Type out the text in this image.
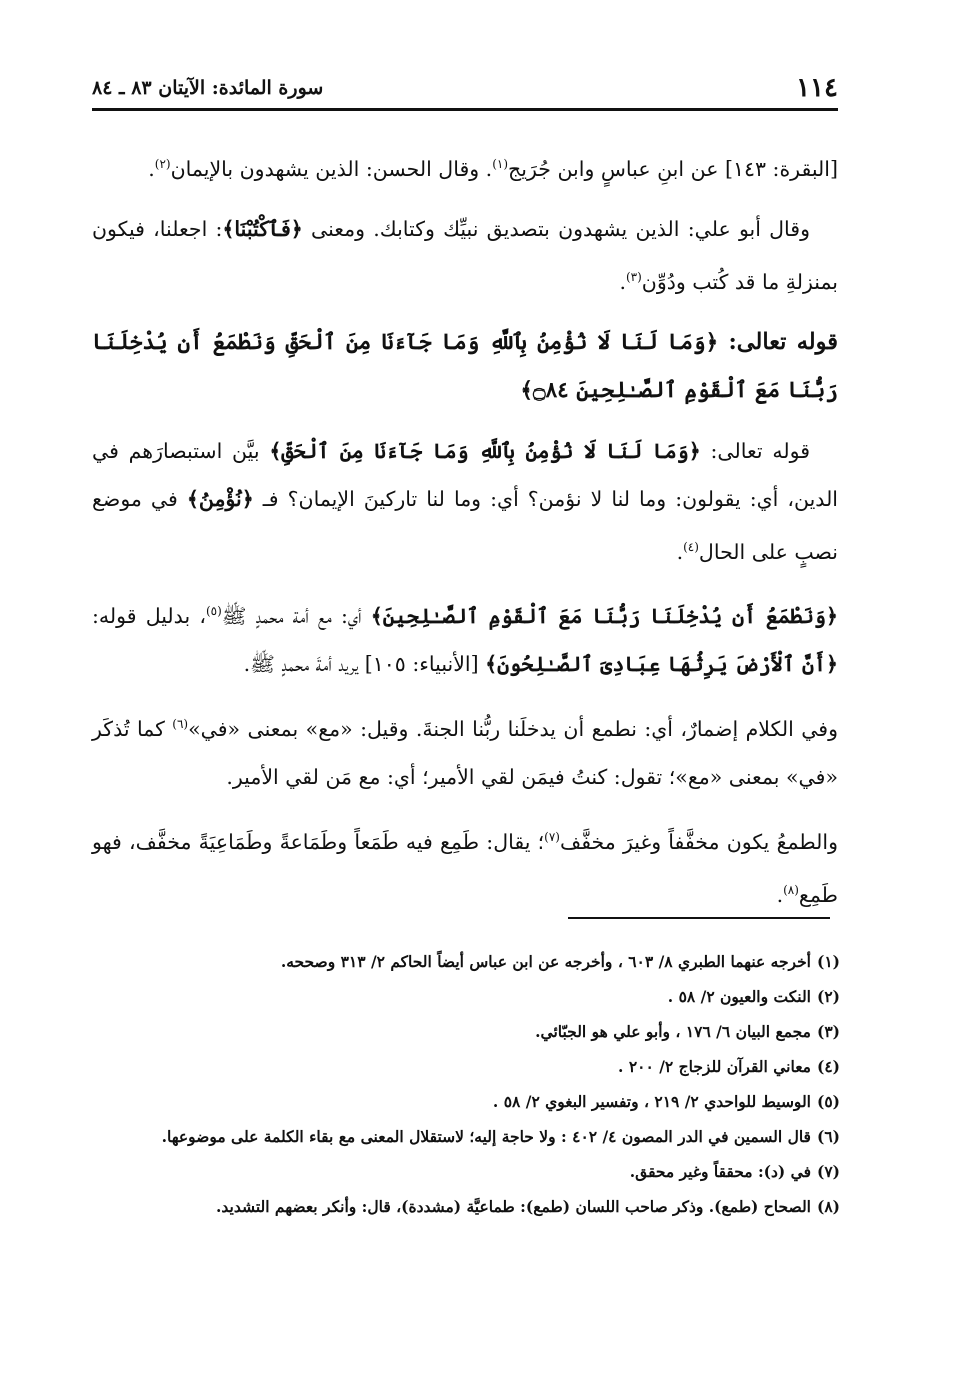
١١٤
سورة المائدة: الآيتان ٨٣ ـ ٨٤

[البقرة: ١٤٣] عن ابنِ عباسٍ وابن جُرَيج$^{(١)}$. وقال الحسن: الذين يشهدون بالإيمان$^{(٢)}$.

وقال أبو علي: الذين يشهدون بتصديق نبيِّك وكتابك. ومعنى ﴿فَٱكْتُبْنَا﴾: اجعلنا، فيكون بمنزلةِ ما قد كُتب ودُوِّن$^{(٣)}$.

قوله تعالى: ﴿وَمَا لَنَا لَا نُؤْمِنُ بِٱللَّهِ وَمَا جَآءَنَا مِنَ ٱلْحَقِّ وَنَطْمَعُ أَن يُدْخِلَنَا رَبُّنَا مَعَ ٱلْقَوْمِ ٱلصَّـٰلِحِينَ ۝٨٤﴾

قوله تعالى: ﴿وَمَا لَنَا لَا نُؤْمِنُ بِٱللَّهِ وَمَا جَآءَنَا مِنَ ٱلْحَقِّ﴾ بيَّن استبصارَهم في الدين، أي: يقولون: وما لنا لا نؤمن؟ أي: وما لنا تاركينَ الإيمان؟ فـ ﴿نُؤْمِنُ﴾ في موضع نصبٍ على الحال$^{(٤)}$.

﴿وَنَطْمَعُ أَن يُدْخِلَنَا رَبُّنَا مَعَ ٱلْقَوْمِ ٱلصَّـٰلِحِينَ﴾ أي: مع أمة محمدٍ ﷺ$^{(٥)}$، بدليل قوله: ﴿أَنَّ ٱلْأَرْضَ يَرِثُهَا عِبَادِىَ ٱلصَّـٰلِحُونَ﴾ [الأنبياء: ١٠٥] يريد أمةَ محمدٍ ﷺ.

وفي الكلام إضمارٌ، أي: نطمع أن يدخلَنا ربُّنا الجنةَ. وقيل: «مع» بمعنى «في»$^{(٦)}$ كما تُذكَر «في» بمعنى «مع»؛ تقول: كنتُ فيمَن لقي الأمير؛ أي: مع مَن لقي الأمير.

والطمعُ يكون مخفَّفاً وغيرَ مخفَّف$^{(٧)}$؛ يقال: طَمِع فيه طَمَعاً وطَمَاعةً وطَمَاعِيَةً مخفَّف، فهو طَمِع$^{(٨)}$.

(١)أخرجه عنهما الطبري ٨/ ٦٠٣ ، وأخرجه عن ابن عباس أيضاً الحاكم ٢/ ٣١٣ وصححه.

(٢)النكت والعيون ٢/ ٥٨ .

(٣)مجمع البيان ٦/ ١٧٦ ، وأبو علي هو الجبّائي.

(٤)معاني القرآن للزجاج ٢/ ٢٠٠ .

(٥)الوسيط للواحدي ٢/ ٢١٩ ، وتفسير البغوي ٢/ ٥٨ .

(٦)قال السمين في الدر المصون ٤/ ٤٠٢ : ولا حاجة إليه؛ لاستقلال المعنى مع بقاء الكلمة على موضوعها.

(٧)في (د): محققاً وغير محقق.

(٨)الصحاح (طمع). وذكر صاحب اللسان (طمع): طماعيَّة (مشددة)، قال: وأنكر بعضهم التشديد.
